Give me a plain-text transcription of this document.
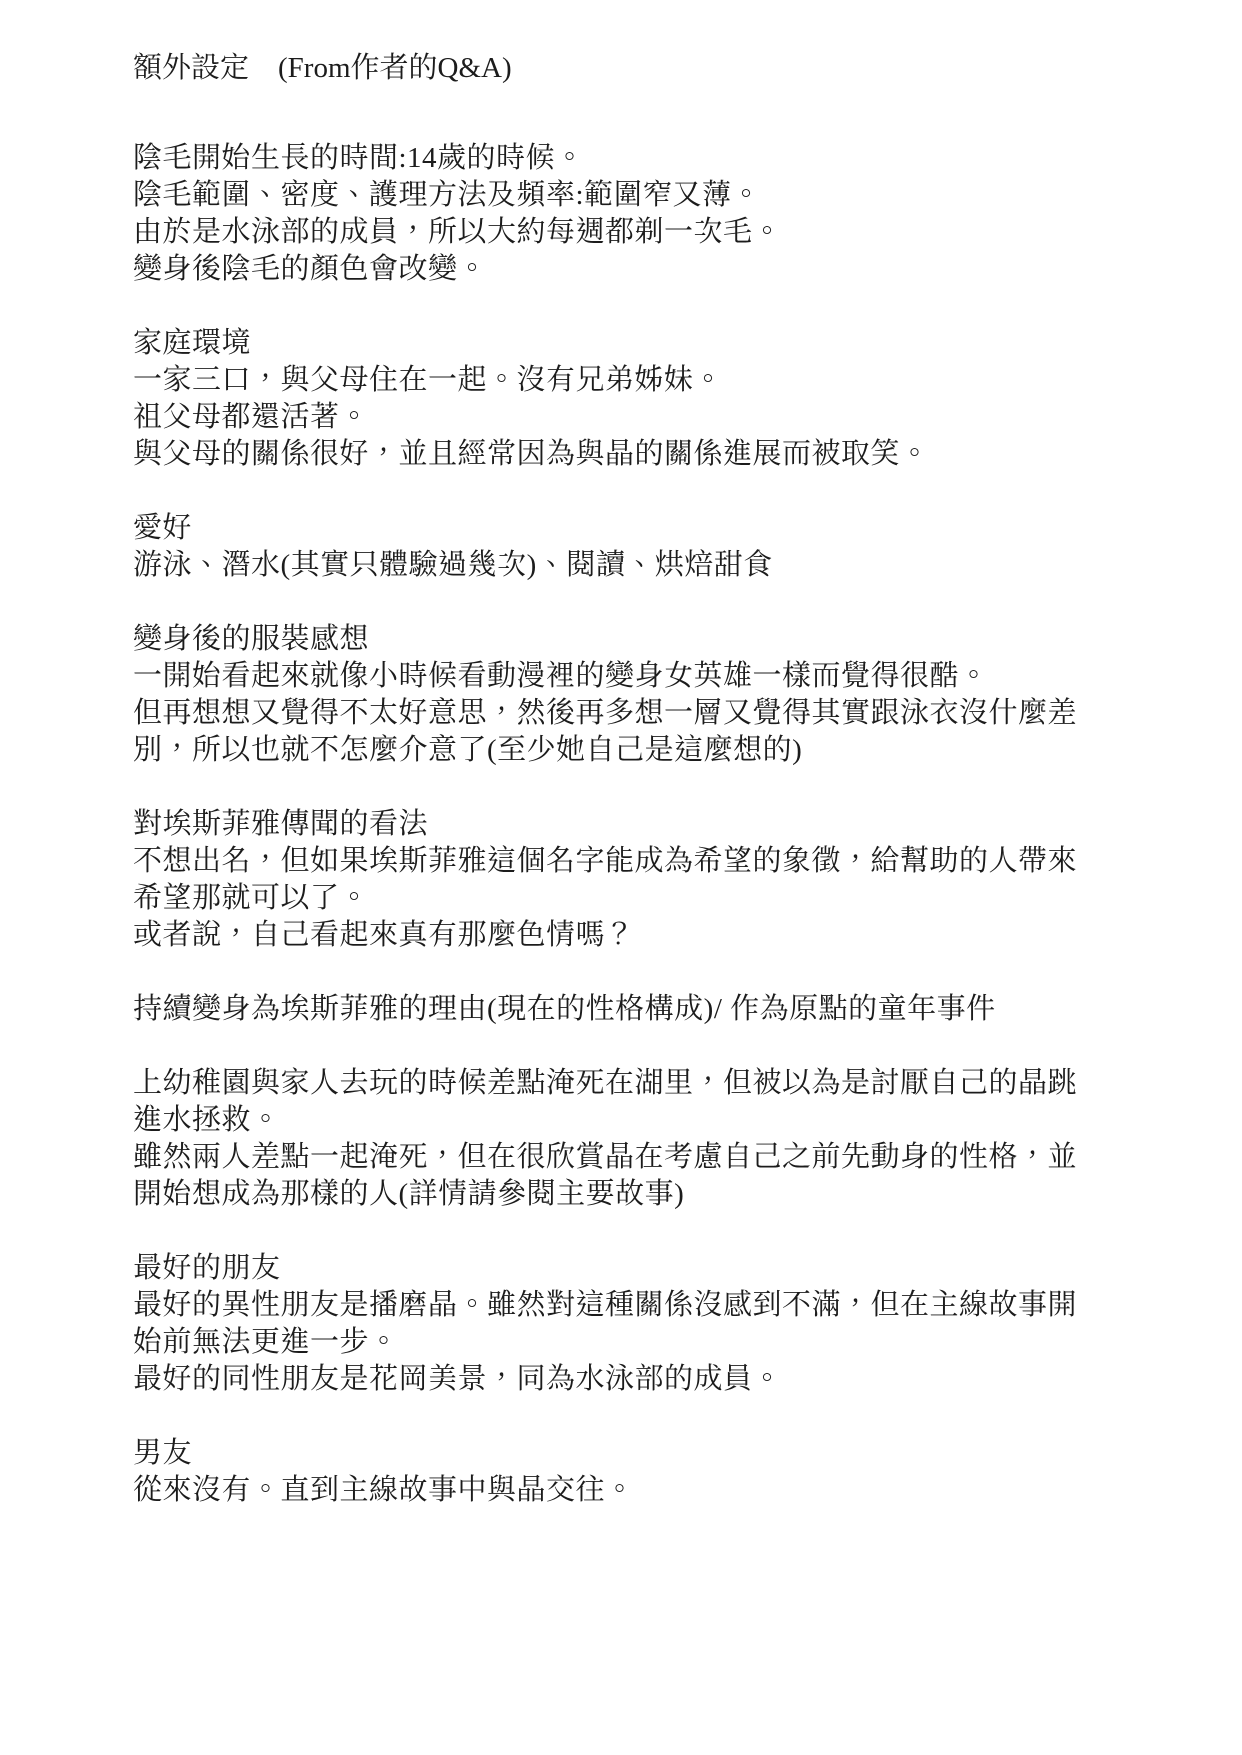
額外設定　(From作者的Q&A)

陰毛開始生長的時間:14歲的時候。

陰毛範圍、密度、護理方法及頻率:範圍窄又薄。

由於是水泳部的成員，所以大約每週都剃一次毛。

變身後陰毛的顏色會改變。

家庭環境

一家三口，與父母住在一起。沒有兄弟姊妹。

祖父母都還活著。

與父母的關係很好，並且經常因為與晶的關係進展而被取笑。

愛好

游泳、潛水(其實只體驗過幾次)、閱讀、烘焙甜食

變身後的服裝感想

一開始看起來就像小時候看動漫裡的變身女英雄一樣而覺得很酷。

但再想想又覺得不太好意思，然後再多想一層又覺得其實跟泳衣沒什麼差

別，所以也就不怎麼介意了(至少她自己是這麼想的)

對埃斯菲雅傳聞的看法

不想出名，但如果埃斯菲雅這個名字能成為希望的象徵，給幫助的人帶來

希望那就可以了。

或者說，自己看起來真有那麼色情嗎？

持續變身為埃斯菲雅的理由(現在的性格構成)/ 作為原點的童年事件

上幼稚園與家人去玩的時候差點淹死在湖里，但被以為是討厭自己的晶跳

進水拯救。

雖然兩人差點一起淹死，但在很欣賞晶在考慮自己之前先動身的性格，並

開始想成為那樣的人(詳情請參閱主要故事)

最好的朋友

最好的異性朋友是播磨晶。雖然對這種關係沒感到不滿，但在主線故事開

始前無法更進一步。

最好的同性朋友是花岡美景，同為水泳部的成員。

男友

從來沒有。直到主線故事中與晶交往。
